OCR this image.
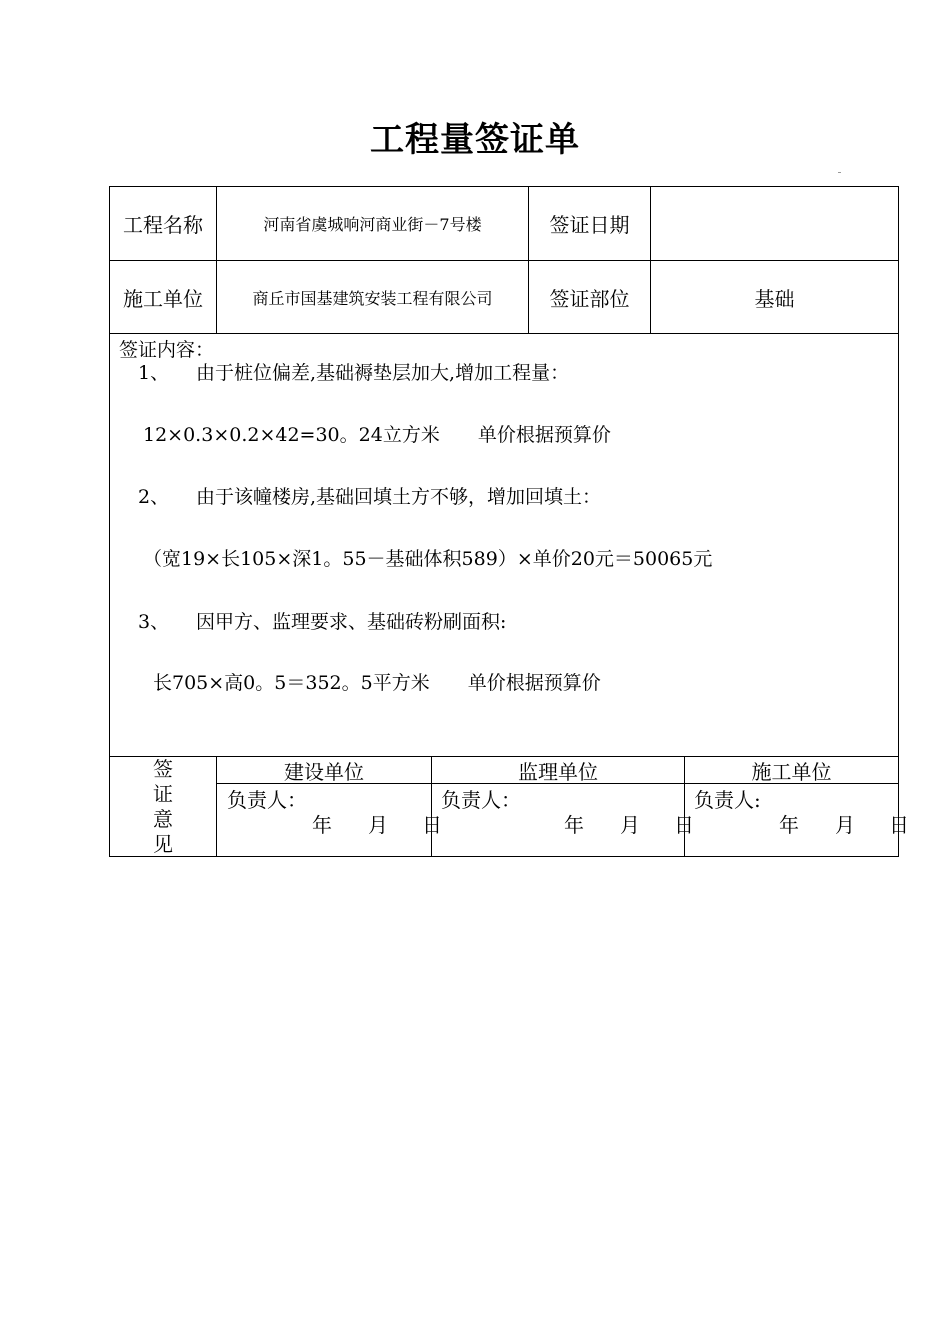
工程量签证单
工程名称	河南省虞城响河商业街－7号楼	签证日期
施工单位	商丘市国基建筑安装工程有限公司	签证部位	基础
签证内容：
1、 由于桩位偏差,基础褥垫层加大,增加工程量：
12×0.3×0.2×42=30。24立方米　　单价根据预算价
2、 由于该幢楼房,基础回填土方不够，增加回填土：
（宽19×长105×深1。55－基础体积589）×单价20元＝50065元
3、 因甲方、监理要求、基础砖粉刷面积:
长705×高0。5＝352。5平方米　　单价根据预算价
签
证
意
见
建设单位	监理单位	施工单位
负责人：	负责人：	负责人:
年 月 日	年 月 日	年 月 日
